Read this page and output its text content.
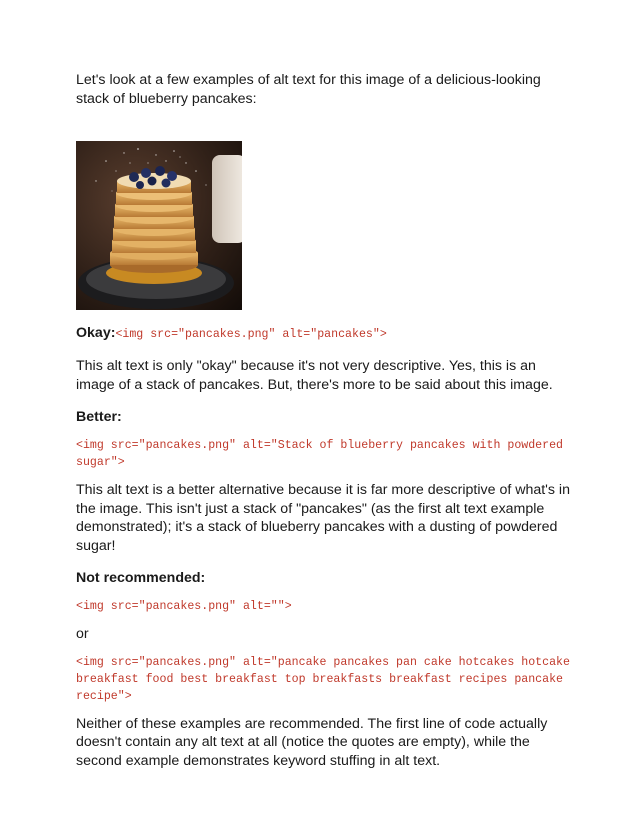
Let's look at a few examples of alt text for this image of a delicious-looking stack of blueberry pancakes:

Okay:<img src="pancakes.png" alt="pancakes">

This alt text is only "okay" because it's not very descriptive. Yes, this is an image of a stack of pancakes. But, there's more to be said about this image.

Better:

<img src="pancakes.png" alt="Stack of blueberry pancakes with powdered sugar">

This alt text is a better alternative because it is far more descriptive of what's in the image. This isn't just a stack of "pancakes" (as the first alt text example demonstrated); it's a stack of blueberry pancakes with a dusting of powdered sugar!

Not recommended:

<img src="pancakes.png" alt="">

or

<img src="pancakes.png" alt="pancake pancakes pan cake hotcakes hotcake breakfast food best breakfast top breakfasts breakfast recipes pancake recipe">

Neither of these examples are recommended. The first line of code actually doesn't contain any alt text at all (notice the quotes are empty), while the second example demonstrates keyword stuffing in alt text.
